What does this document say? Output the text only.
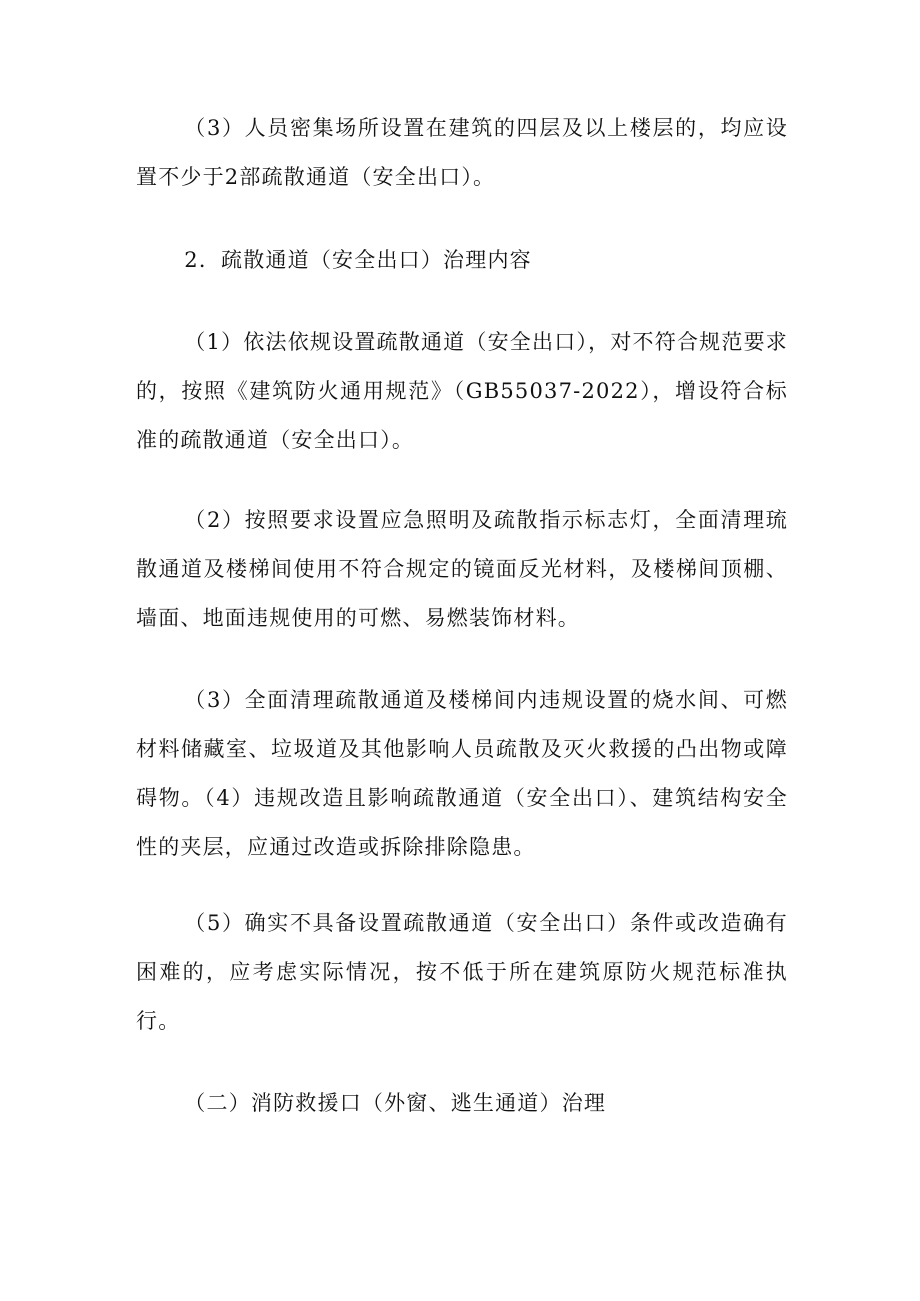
（3）人员密集场所设置在建筑的四层及以上楼层的，均应设置不少于2部疏散通道（安全出口）。

2．疏散通道（安全出口）治理内容

（1）依法依规设置疏散通道（安全出口），对不符合规范要求的，按照《建筑防火通用规范》（GB55037-2022），增设符合标准的疏散通道（安全出口）。

（2）按照要求设置应急照明及疏散指示标志灯，全面清理琉散通道及楼梯间使用不符合规定的镜面反光材料，及楼梯间顶棚、墙面、地面违规使用的可燃、易燃装饰材料。

（3）全面清理疏散通道及楼梯间内违规设置的烧水间、可燃材料储藏室、垃圾道及其他影响人员疏散及灭火救援的凸出物或障碍物。（4）违规改造且影响疏散通道（安全出口）、建筑结构安全性的夹层，应通过改造或拆除排除隐患。

（5）确实不具备设置疏散通道（安全出口）条件或改造确有困难的，应考虑实际情况，按不低于所在建筑原防火规范标准执行。

（二）消防救援口（外窗、逃生通道）治理
